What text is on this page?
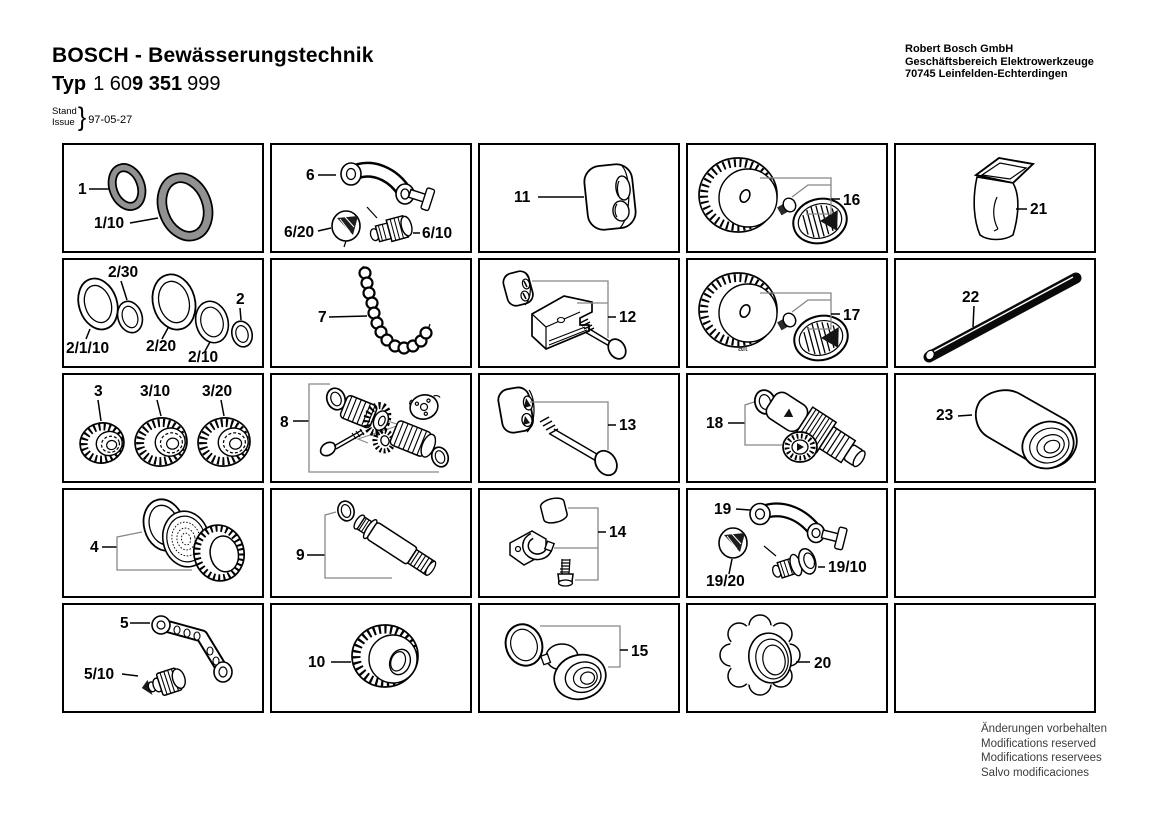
BOSCH - Bewässerungstechnik
Typ 1 609 351 999
Stand
Issue } 97-05-27
Robert Bosch GmbH
Geschäftsbereich Elektrowerkzeuge
70745 Leinfelden-Echterdingen
1
1/10
6
6/20	6/10
11	16
21
2/30
2
2/1/10 2/20
2/10
7	12	17
alt
22
3 3/10 3/20
8	13	18	23
4	9
14
19
19/20
19/10
5
5/10
10
15
20
Änderungen vorbehalten
Modifications reserved
Modifications reservees
Salvo modificaciones
